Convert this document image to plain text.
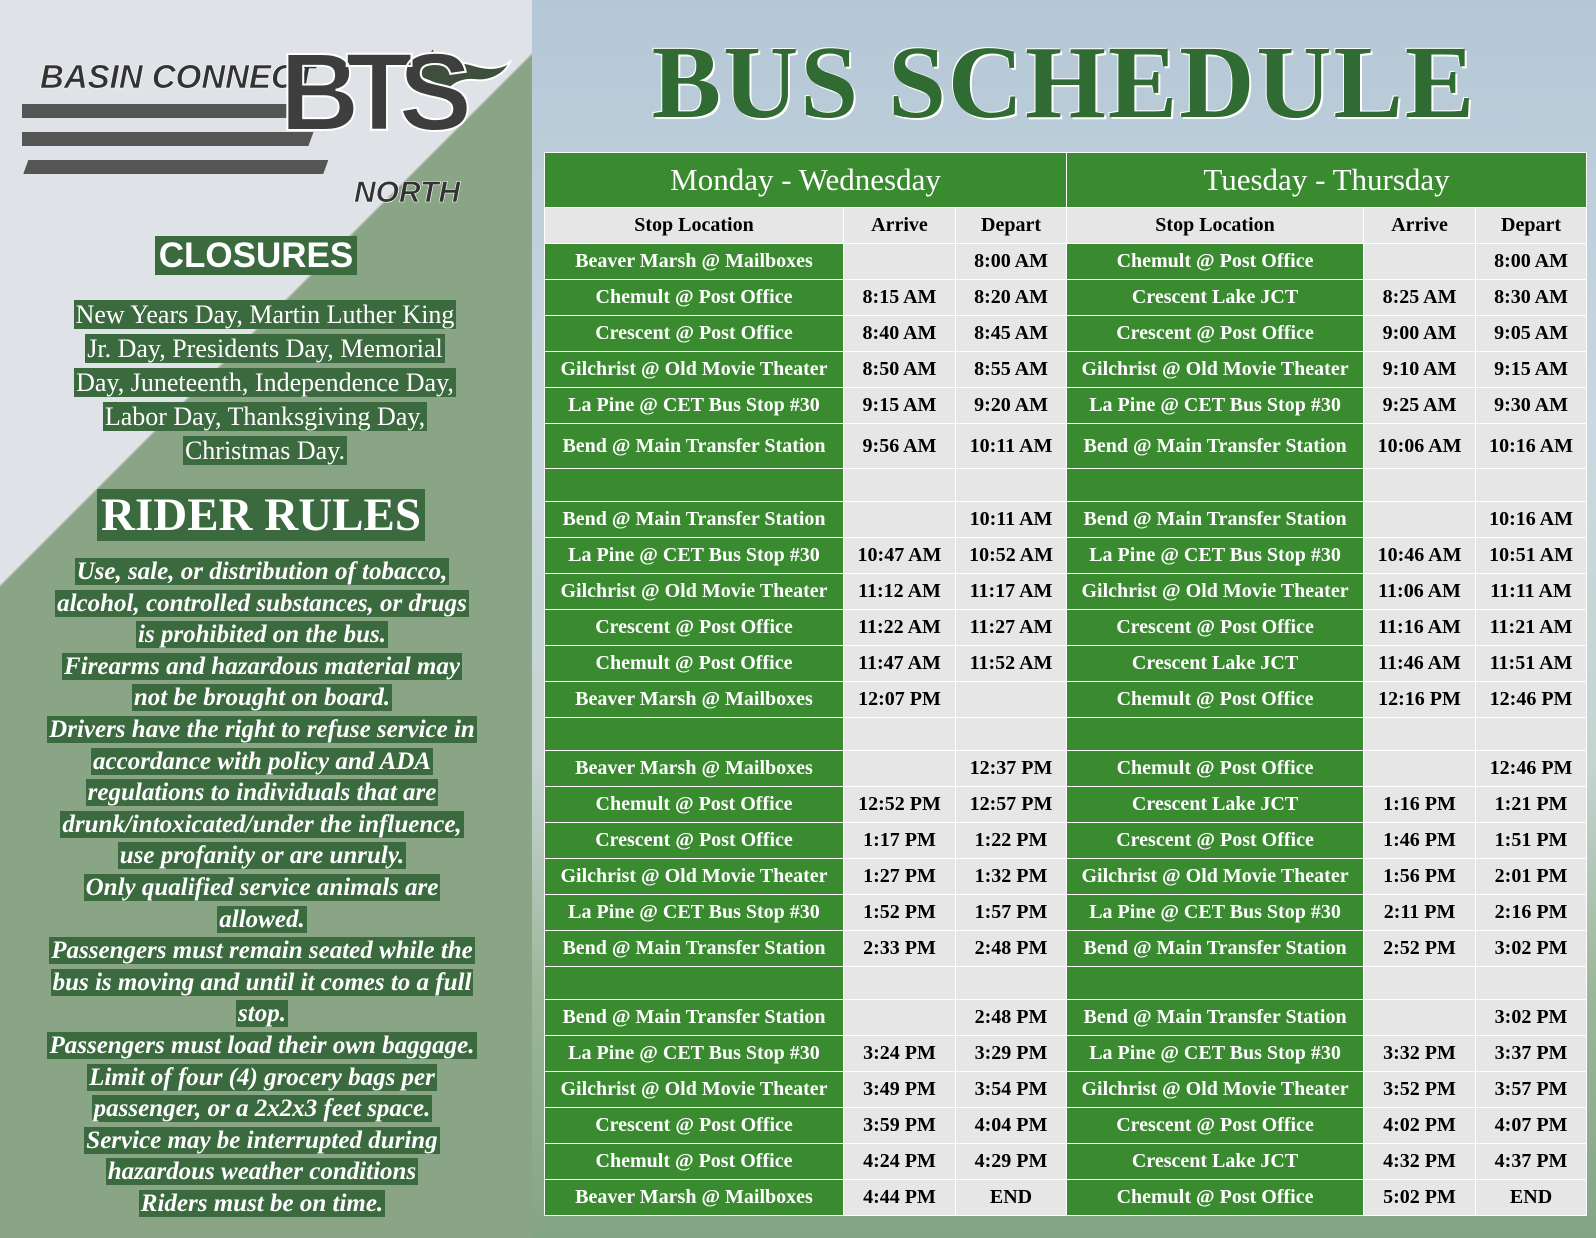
BASIN CONNECT
BTS
NORTH
CLOSURES
New Years Day, Martin Luther King
Jr. Day, Presidents Day, Memorial
Day, Juneteenth, Independence Day,
Labor Day, Thanksgiving Day,
Christmas Day.
RIDER RULES
Use, sale, or distribution of tobacco,
alcohol, controlled substances, or drugs
is prohibited on the bus.
Firearms and hazardous material may
not be brought on board.
Drivers have the right to refuse service in
accordance with policy and ADA
regulations to individuals that are
drunk/intoxicated/under the influence,
use profanity or are unruly.
Only qualified service animals are
allowed.
Passengers must remain seated while the
bus is moving and until it comes to a full
stop.
Passengers must load their own baggage.
Limit of four (4) grocery bags per
passenger, or a 2x2x3 feet space.
Service may be interrupted during
hazardous weather conditions
Riders must be on time.
BUS SCHEDULE
Monday - Wednesday			Tuesday - Thursday		
Stop Location	Arrive	Depart	Stop Location	Arrive	Depart
Beaver Marsh @ Mailboxes		8:00 AM	Chemult @ Post Office		8:00 AM
Chemult @ Post Office	8:15 AM	8:20 AM	Crescent Lake JCT	8:25 AM	8:30 AM
Crescent @ Post Office	8:40 AM	8:45 AM	Crescent @ Post Office	9:00 AM	9:05 AM
Gilchrist @ Old Movie Theater	8:50 AM	8:55 AM	Gilchrist @ Old Movie Theater	9:10 AM	9:15 AM
La Pine @ CET Bus Stop #30	9:15 AM	9:20 AM	La Pine @ CET Bus Stop #30	9:25 AM	9:30 AM
Bend @ Main Transfer Station	9:56 AM	10:11 AM	Bend @ Main Transfer Station	10:06 AM	10:16 AM

Bend @ Main Transfer Station		10:11 AM	Bend @ Main Transfer Station		10:16 AM
La Pine @ CET Bus Stop #30	10:47 AM	10:52 AM	La Pine @ CET Bus Stop #30	10:46 AM	10:51 AM
Gilchrist @ Old Movie Theater	11:12 AM	11:17 AM	Gilchrist @ Old Movie Theater	11:06 AM	11:11 AM
Crescent @ Post Office	11:22 AM	11:27 AM	Crescent @ Post Office	11:16 AM	11:21 AM
Chemult @ Post Office	11:47 AM	11:52 AM	Crescent Lake JCT	11:46 AM	11:51 AM
Beaver Marsh @ Mailboxes	12:07 PM		Chemult @ Post Office	12:16 PM	12:46 PM

Beaver Marsh @ Mailboxes		12:37 PM	Chemult @ Post Office		12:46 PM
Chemult @ Post Office	12:52 PM	12:57 PM	Crescent Lake JCT	1:16 PM	1:21 PM
Crescent @ Post Office	1:17 PM	1:22 PM	Crescent @ Post Office	1:46 PM	1:51 PM
Gilchrist @ Old Movie Theater	1:27 PM	1:32 PM	Gilchrist @ Old Movie Theater	1:56 PM	2:01 PM
La Pine @ CET Bus Stop #30	1:52 PM	1:57 PM	La Pine @ CET Bus Stop #30	2:11 PM	2:16 PM
Bend @ Main Transfer Station	2:33 PM	2:48 PM	Bend @ Main Transfer Station	2:52 PM	3:02 PM

Bend @ Main Transfer Station		2:48 PM	Bend @ Main Transfer Station		3:02 PM
La Pine @ CET Bus Stop #30	3:24 PM	3:29 PM	La Pine @ CET Bus Stop #30	3:32 PM	3:37 PM
Gilchrist @ Old Movie Theater	3:49 PM	3:54 PM	Gilchrist @ Old Movie Theater	3:52 PM	3:57 PM
Crescent @ Post Office	3:59 PM	4:04 PM	Crescent @ Post Office	4:02 PM	4:07 PM
Chemult @ Post Office	4:24 PM	4:29 PM	Crescent Lake JCT	4:32 PM	4:37 PM
Beaver Marsh @ Mailboxes	4:44 PM	END	Chemult @ Post Office	5:02 PM	END
